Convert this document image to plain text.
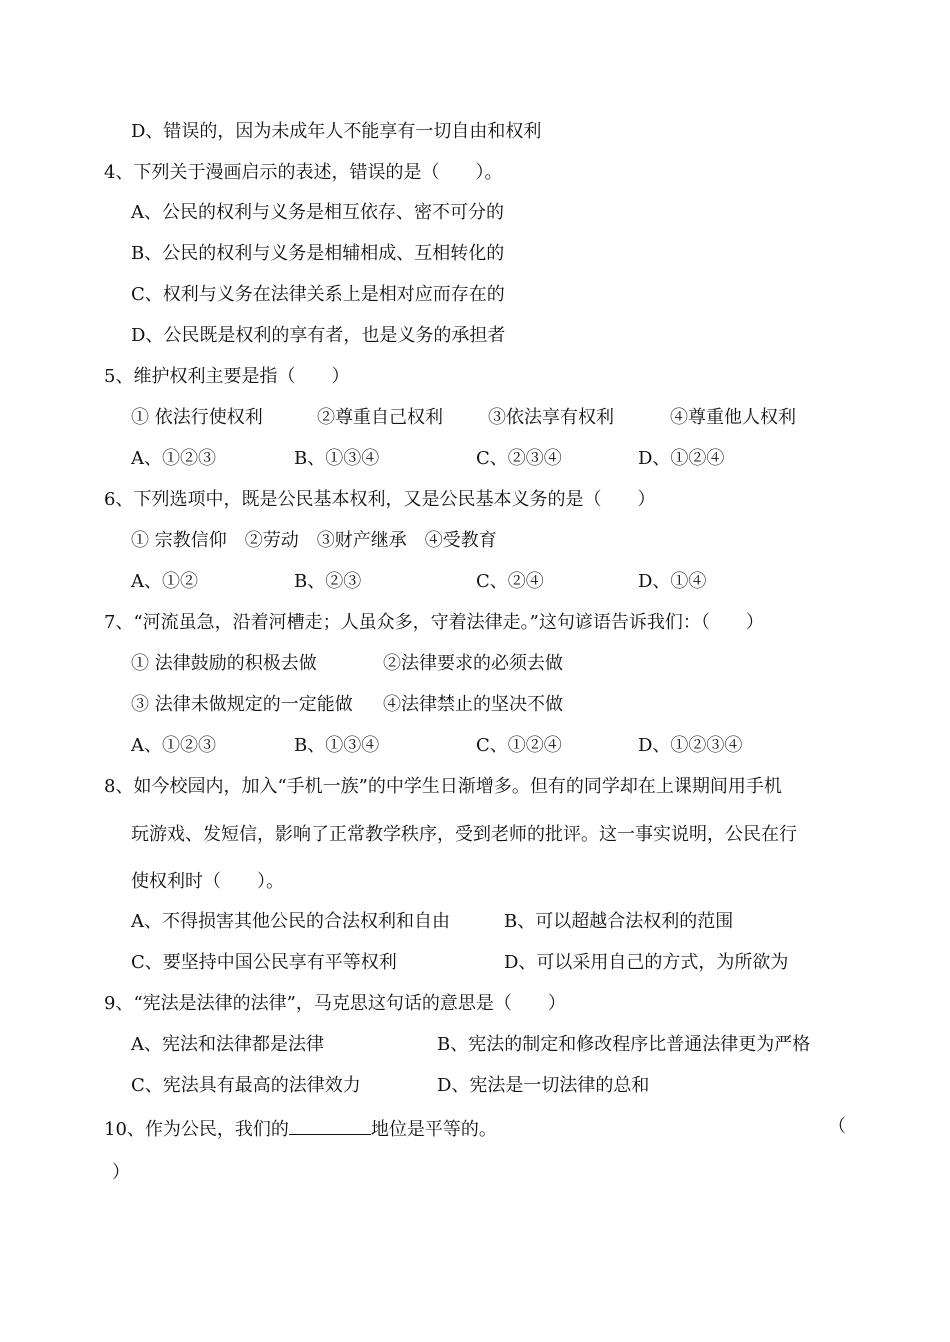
D、错误的，因为未成年人不能享有一切自由和权利
4、下列关于漫画启示的表述，错误的是（　　）。
A、公民的权利与义务是相互依存、密不可分的
B、公民的权利与义务是相辅相成、互相转化的
C、权利与义务在法律关系上是相对应而存在的
D、公民既是权利的享有者，也是义务的承担者
5、维护权利主要是指（　　）
① 依法行使权利	②尊重自己权利	③依法享有权利	④尊重他人权利
A、①②③	B、①③④	C、②③④	D、①②④
6、下列选项中，既是公民基本权利，又是公民基本义务的是（　　）
① 宗教信仰　②劳动　③财产继承　④受教育
A、①②	B、②③	C、②④	D、①④
7、“河流虽急，沿着河槽走；人虽众多，守着法律走。”这句谚语告诉我们：（　　）
① 法律鼓励的积极去做	②法律要求的必须去做
③ 法律未做规定的一定能做 ④法律禁止的坚决不做
A、①②③	B、①③④	C、①②④	D、①②③④
8、如今校园内，加入“手机一族”的中学生日渐增多。但有的同学却在上课期间用手机
玩游戏、发短信，影响了正常教学秩序，受到老师的批评。这一事实说明，公民在行
使权利时（　　）。
A、不得损害其他公民的合法权利和自由	B、可以超越合法权利的范围
C、要坚持中国公民享有平等权利	D、可以采用自己的方式，为所欲为
9、“宪法是法律的法律”，马克思这句话的意思是（　　）
A、宪法和法律都是法律	B、宪法的制定和修改程序比普通法律更为严格
C、宪法具有最高的法律效力	D、宪法是一切法律的总和
10、作为公民，我们的	地位是平等的。	（
）
